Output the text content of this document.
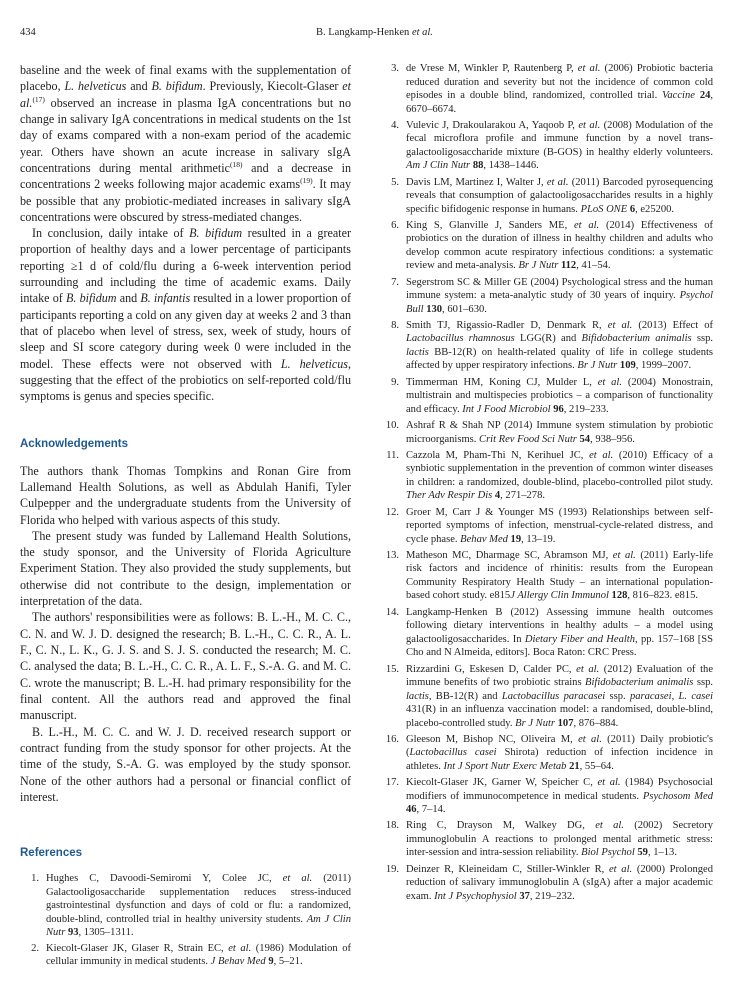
434	B. Langkamp-Henken et al.

baseline and the week of final exams with the supplementation of placebo, L. helveticus and B. bifidum. Previously, Kiecolt-Glaser et al.$^{(17)}$ observed an increase in plasma IgA concentrations but no change in salivary IgA concentrations in medical students on the 1st day of exams compared with a non-exam period of the academic year. Others have shown an acute increase in salivary sIgA concentrations during mental arithmetic$^{(18)}$ and a decrease in concentrations 2 weeks following major academic exams$^{(19)}$. It may be possible that any probiotic-mediated increases in salivary sIgA concentrations were obscured by stress-mediated changes.

In conclusion, daily intake of B. bifidum resulted in a greater proportion of healthy days and a lower percentage of participants reporting ≥1 d of cold/flu during a 6-week intervention period surrounding and including the time of academic exams. Daily intake of B. bifidum and B. infantis resulted in a lower proportion of participants reporting a cold on any given day at weeks 2 and 3 than that of placebo when level of stress, sex, week of study, hours of sleep and SI score category during week 0 were included in the model. These effects were not observed with L. helveticus, suggesting that the effect of the probiotics on self-reported cold/flu symptoms is genus and species specific.

Acknowledgements

The authors thank Thomas Tompkins and Ronan Gire from Lallemand Health Solutions, as well as Abdulah Hanifi, Tyler Culpepper and the undergraduate students from the University of Florida who helped with various aspects of this study.

The present study was funded by Lallemand Health Solutions, the study sponsor, and the University of Florida Agriculture Experiment Station. They also provided the study supplements, but otherwise did not contribute to the design, implementation or interpretation of the data.

The authors' responsibilities were as follows: B. L.-H., M. C. C., C. N. and W. J. D. designed the research; B. L.-H., C. C. R., A. L. F., C. N., L. K., G. J. S. and S. J. S. conducted the research; M. C. C. analysed the data; B. L.-H., C. C. R., A. L. F., S.-A. G. and M. C. C. wrote the manuscript; B. L.-H. had primary responsibility for the final content. All the authors read and approved the final manuscript.

B. L.-H., M. C. C. and W. J. D. received research support or contract funding from the study sponsor for other projects. At the time of the study, S.-A. G. was employed by the study sponsor. None of the other authors had a personal or financial conflict of interest.

References
1. Hughes C, Davoodi-Semiromi Y, Colee JC, et al. (2011) Galactooligosaccharide supplementation reduces stress-induced gastrointestinal dysfunction and days of cold or flu: a randomized, double-blind, controlled trial in healthy university students. Am J Clin Nutr 93, 1305–1311.
2. Kiecolt-Glaser JK, Glaser R, Strain EC, et al. (1986) Modulation of cellular immunity in medical students. J Behav Med 9, 5–21.
3. de Vrese M, Winkler P, Rautenberg P, et al. (2006) Probiotic bacteria reduced duration and severity but not the incidence of common cold episodes in a double blind, randomized, controlled trial. Vaccine 24, 6670–6674.
4. Vulevic J, Drakoularakou A, Yaqoob P, et al. (2008) Modulation of the fecal microflora profile and immune function by a novel trans-galactooligosaccharide mixture (B-GOS) in healthy elderly volunteers. Am J Clin Nutr 88, 1438–1446.
5. Davis LM, Martinez I, Walter J, et al. (2011) Barcoded pyrosequencing reveals that consumption of galactooligosaccharides results in a highly specific bifidogenic response in humans. PLoS ONE 6, e25200.
6. King S, Glanville J, Sanders ME, et al. (2014) Effectiveness of probiotics on the duration of illness in healthy children and adults who develop common acute respiratory infectious conditions: a systematic review and meta-analysis. Br J Nutr 112, 41–54.
7. Segerstrom SC & Miller GE (2004) Psychological stress and the human immune system: a meta-analytic study of 30 years of inquiry. Psychol Bull 130, 601–630.
8. Smith TJ, Rigassio-Radler D, Denmark R, et al. (2013) Effect of Lactobacillus rhamnosus LGG(R) and Bifidobacterium animalis ssp. lactis BB-12(R) on health-related quality of life in college students affected by upper respiratory infections. Br J Nutr 109, 1999–2007.
9. Timmerman HM, Koning CJ, Mulder L, et al. (2004) Monostrain, multistrain and multispecies probiotics – a comparison of functionality and efficacy. Int J Food Microbiol 96, 219–233.
10. Ashraf R & Shah NP (2014) Immune system stimulation by probiotic microorganisms. Crit Rev Food Sci Nutr 54, 938–956.
11. Cazzola M, Pham-Thi N, Kerihuel JC, et al. (2010) Efficacy of a synbiotic supplementation in the prevention of common winter diseases in children: a randomized, double-blind, placebo-controlled pilot study. Ther Adv Respir Dis 4, 271–278.
12. Groer M, Carr J & Younger MS (1993) Relationships between self-reported symptoms of infection, menstrual-cycle-related distress, and cycle phase. Behav Med 19, 13–19.
13. Matheson MC, Dharmage SC, Abramson MJ, et al. (2011) Early-life risk factors and incidence of rhinitis: results from the European Community Respiratory Health Study – an international population-based cohort study. e815J Allergy Clin Immunol 128, 816–823. e815.
14. Langkamp-Henken B (2012) Assessing immune health outcomes following dietary interventions in healthy adults – a model using galactooligosaccharides. In Dietary Fiber and Health, pp. 157–168 [SS Cho and N Almeida, editors]. Boca Raton: CRC Press.
15. Rizzardini G, Eskesen D, Calder PC, et al. (2012) Evaluation of the immune benefits of two probiotic strains Bifidobacterium animalis ssp. lactis, BB-12(R) and Lactobacillus paracasei ssp. paracasei, L. casei 431(R) in an influenza vaccination model: a randomised, double-blind, placebo-controlled study. Br J Nutr 107, 876–884.
16. Gleeson M, Bishop NC, Oliveira M, et al. (2011) Daily probiotic's (Lactobacillus casei Shirota) reduction of infection incidence in athletes. Int J Sport Nutr Exerc Metab 21, 55–64.
17. Kiecolt-Glaser JK, Garner W, Speicher C, et al. (1984) Psychosocial modifiers of immunocompetence in medical students. Psychosom Med 46, 7–14.
18. Ring C, Drayson M, Walkey DG, et al. (2002) Secretory immunoglobulin A reactions to prolonged mental arithmetic stress: inter-session and intra-session reliability. Biol Psychol 59, 1–13.
19. Deinzer R, Kleineidam C, Stiller-Winkler R, et al. (2000) Prolonged reduction of salivary immunoglobulin A (sIgA) after a major academic exam. Int J Psychophysiol 37, 219–232.
